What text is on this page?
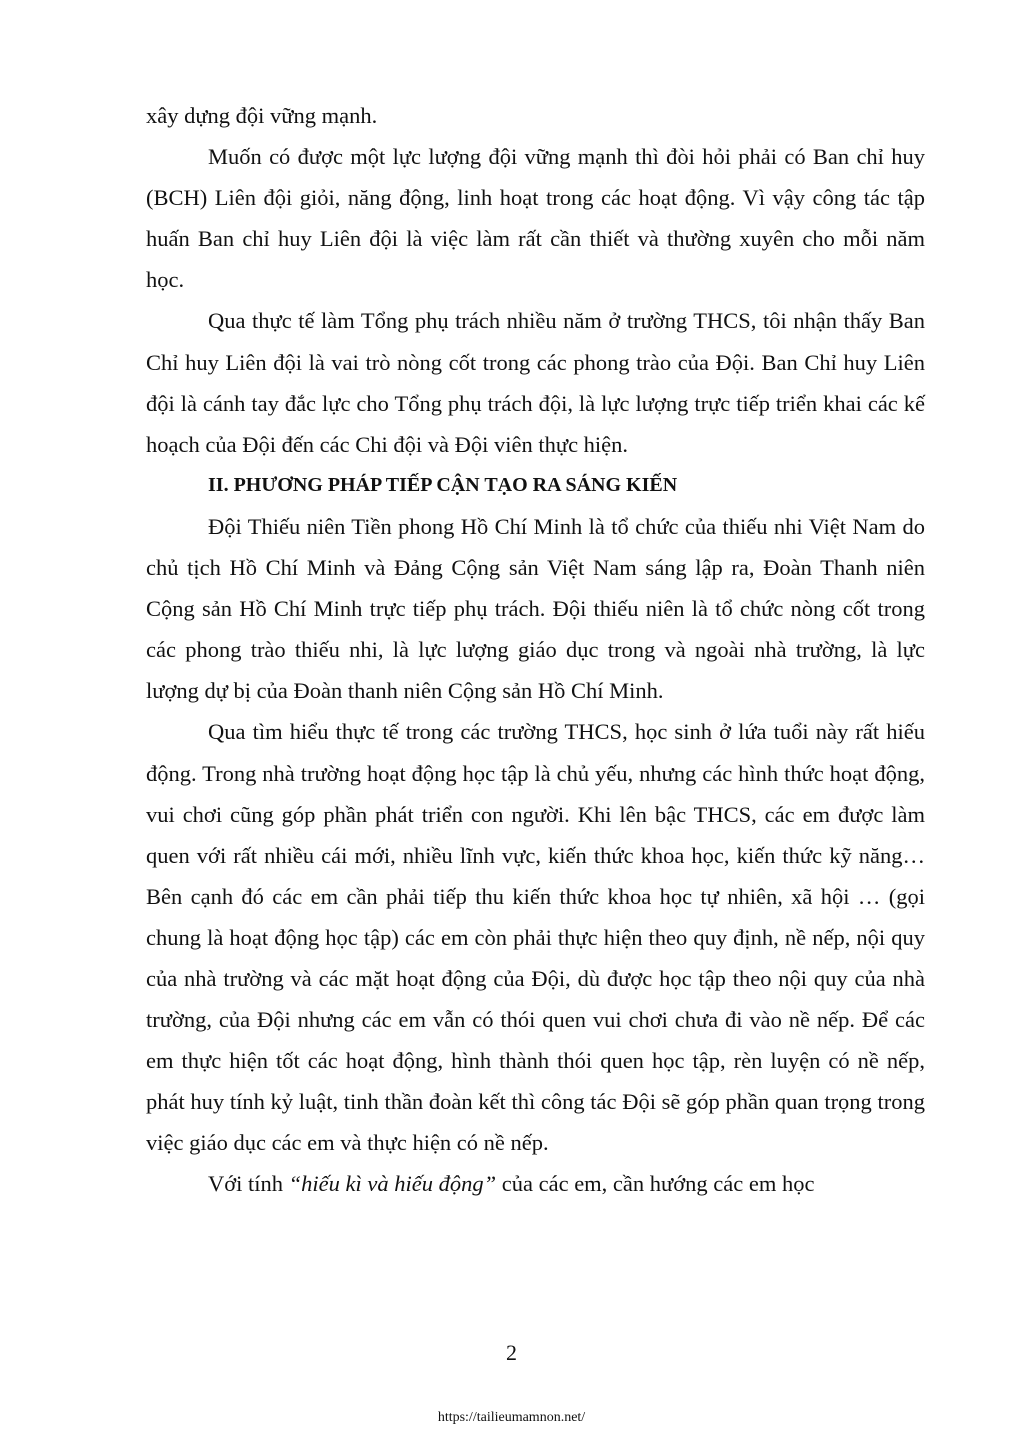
xây dựng đội vững mạnh.

Muốn có được một lực lượng đội vững mạnh thì đòi hỏi phải có Ban chỉ huy (BCH) Liên đội giỏi, năng động, linh hoạt trong các hoạt động. Vì vậy công tác tập huấn Ban chỉ huy Liên đội là việc làm rất cần thiết và thường xuyên cho mỗi năm học.

Qua thực tế làm Tổng phụ trách nhiều năm ở trường THCS, tôi nhận thấy Ban Chỉ huy Liên đội là vai trò nòng cốt trong các phong trào của Đội. Ban Chỉ huy Liên đội là cánh tay đắc lực cho Tổng phụ trách đội, là lực lượng trực tiếp triển khai các kế hoạch của Đội đến các Chi đội và Đội viên thực hiện.

II. PHƯƠNG PHÁP TIẾP CẬN TẠO RA SÁNG KIẾN

Đội Thiếu niên Tiền phong Hồ Chí Minh là tổ chức của thiếu nhi Việt Nam do chủ tịch Hồ Chí Minh và Đảng Cộng sản Việt Nam sáng lập ra, Đoàn Thanh niên Cộng sản Hồ Chí Minh trực tiếp phụ trách. Đội thiếu niên là tổ chức nòng cốt trong các phong trào thiếu nhi, là lực lượng giáo dục trong và ngoài nhà trường, là lực lượng dự bị của Đoàn thanh niên Cộng sản Hồ Chí Minh.

Qua tìm hiểu thực tế trong các trường THCS, học sinh ở lứa tuổi này rất hiếu động. Trong nhà trường hoạt động học tập là chủ yếu, nhưng các hình thức hoạt động, vui chơi cũng góp phần phát triển con người. Khi lên bậc THCS, các em được làm quen với rất nhiều cái mới, nhiều lĩnh vực, kiến thức khoa học, kiến thức kỹ năng…Bên cạnh đó các em cần phải tiếp thu kiến thức khoa học tự nhiên, xã hội … (gọi chung là hoạt động học tập) các em còn phải thực hiện theo quy định, nề nếp, nội quy của nhà trường và các mặt hoạt động của Đội, dù được học tập theo nội quy của nhà trường, của Đội nhưng các em vẫn có thói quen vui chơi chưa đi vào nề nếp. Để các em thực hiện tốt các hoạt động, hình thành thói quen học tập, rèn luyện có nề nếp, phát huy tính kỷ luật, tinh thần đoàn kết thì công tác Đội sẽ góp phần quan trọng trong việc giáo dục các em và thực hiện có nề nếp.

Với tính “hiếu kì và hiếu động” của các em, cần hướng các em học

2
https://tailieumamnon.net/
